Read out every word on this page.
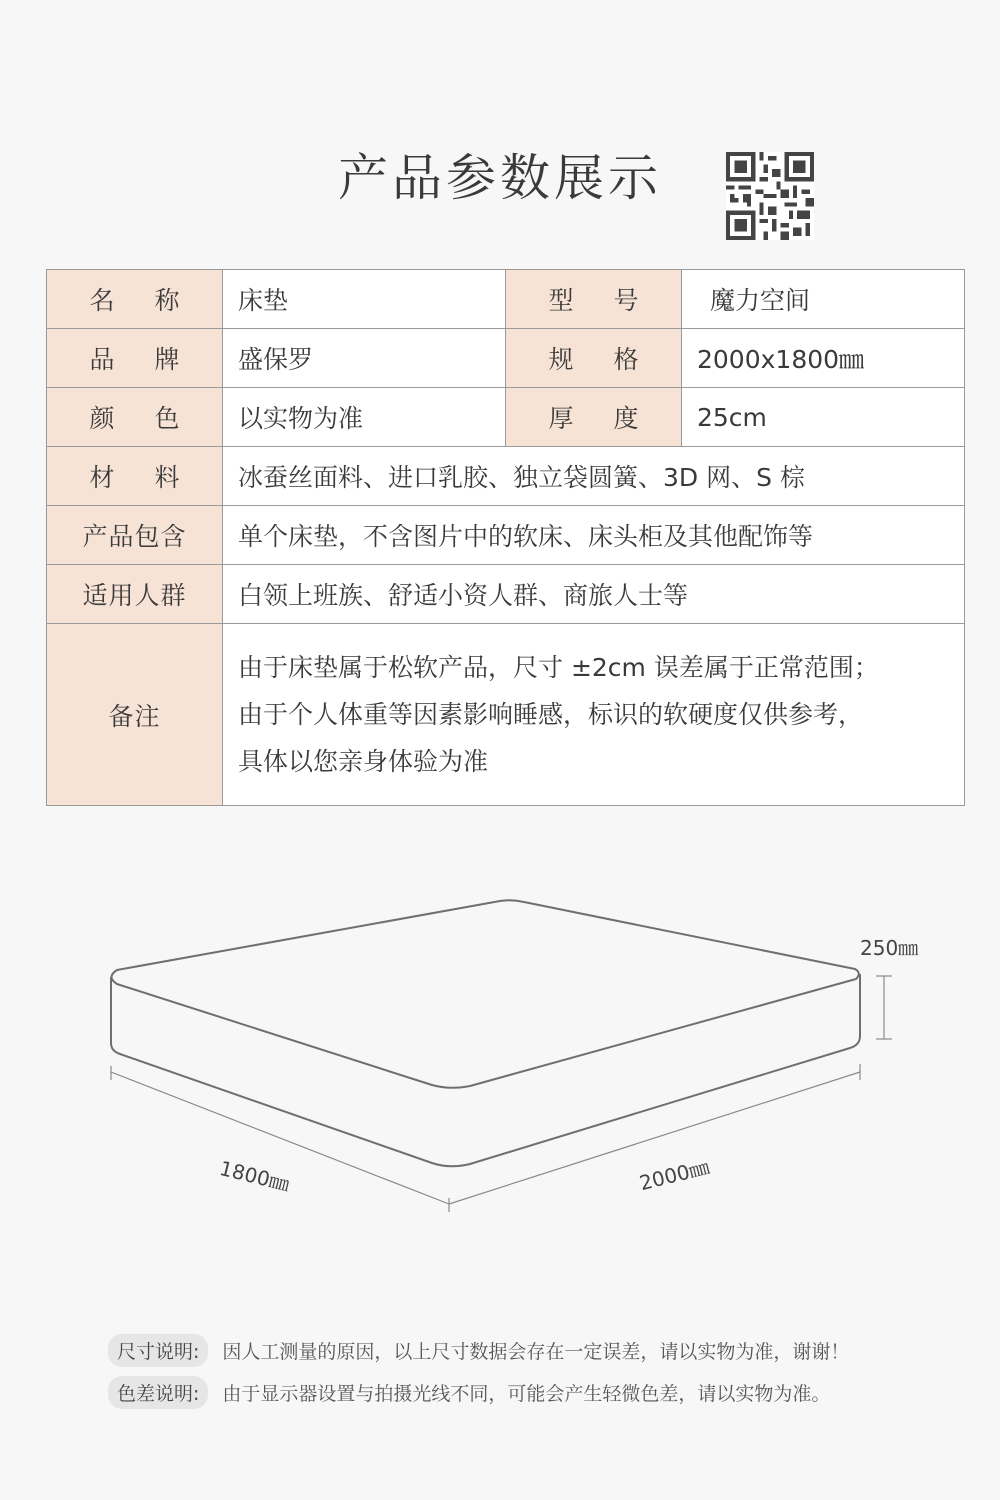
产品参数展示
名称	床垫	型号	魔力空间
品牌	盛保罗	规格	2000x1800㎜
颜色	以实物为准	厚度	25cm
材料	冰蚕丝面料、进口乳胶、独立袋圆簧、3D 网、S 棕		
产品包含	单个床垫，不含图片中的软床、床头柜及其他配饰等		
适用人群	白领上班族、舒适小资人群、商旅人士等		
备注	由于床垫属于松软产品，尺寸 ±2cm 误差属于正常范围；
由于个人体重等因素影响睡感，标识的软硬度仅供参考，
具体以您亲身体验为准		
250㎜
1800㎜	2000㎜
尺寸说明: 因人工测量的原因，以上尺寸数据会存在一定误差，请以实物为准，谢谢！
色差说明: 由于显示器设置与拍摄光线不同，可能会产生轻微色差，请以实物为准。
